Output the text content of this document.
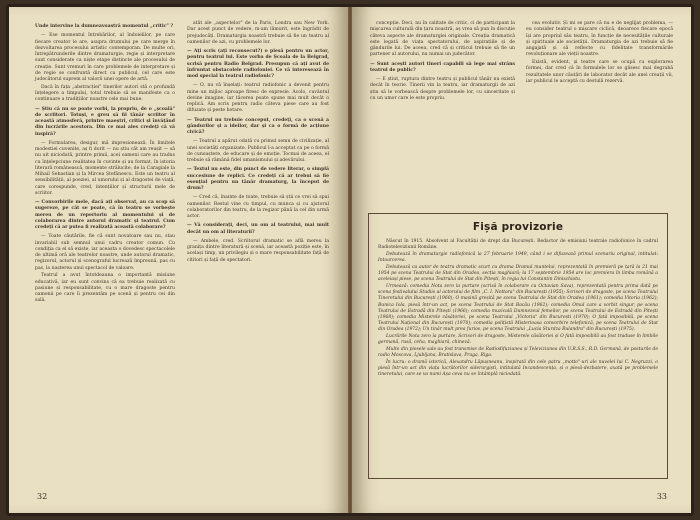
Unde intervine la dumneavoastră momentul „critic" ?

— Ese momentul întrebărilor, al îndoielilor, pe care fiecare creator le are, asupra drumului pe care merge în dezvoltarea procesului artistic contemporan. De multe ori, întrepătrunderile dintre dramaturgie, regie și interpretare sunt considerate ca niște etape distincte ale procesului de creație. Sunt vremuri în care problemele de interpretare și de regie se confruntă direct cu publicul, cel care este judecătorul suprem al valorii unei opere de artă.

Dacă în fața „abstracției" tinerilor autori stă o profundă înțelegere a timpului, totul trebuie să se manifeste ca o continuare a tradițiilor noastre cele mai bune.

— Știu că nu se poate vorbi, la propriu, de o „școală" de scriitori. Totuși, e greu să fii tânăr scriitor în această atmosferă, printre maeștri, critici și învățând din lucrările acestora. Din ce mai ales credeți că vă inspiră?

— Formularea, desigur, mă impresionează. În limitele modestiei cuvenite, aș fi dorit — nu știu cât am reușit — să nu uit niciodată, printre primii, acei oameni care au tradus cu înțelepciune realitatea în cuvinte și au format, în istoria literară românească, momente strălucite, de la Caragiale la Mihail Sebastian și la Mircea Ștefănescu. Este un teatru al sensibilității, al poeziei, al umorului și al dragostei de viață, care corespunde, cred, intențiilor și structurii mele de scriitor.

— Convorbirile mele, dacă ați observat, au ca scop să sugereze, pe cât se poate, că în teatru se vorbește mereu de un repertoriu al momentului și de colaborarea dintre autorul dramatic și teatrul. Cum credeți că ar putea fi realizată această colaborare?

— Toate căutările, fie că sunt novatoare sau nu, stau invariabil sub semnul unui cadru creator comun. Cu condiția ca el să existe, iar aceasta o dovedesc spectacolele de ultimă oră ale teatrelor noastre, unde autorul dramatic, regizorul, actorul și scenograful lucrează împreună, pas cu pas, la nașterea unui spectacol de valoare.

Teatrul a avut întotdeauna o importantă misiune educativă, iar eu sunt convins că ea trebuie realizată cu pasiune și responsabilitate, cu o mare dragoste pentru oamenii pe care îi prezentăm pe scenă și pentru cei din sală.

atât ale „aspectelor" de la Paris, Londra sau New York. Dar acest punct de vedere, m-am lămurit, este îngrădit de prejudecăți. Dramaturgia noastră trebuie să fie un teatru al oamenilor de azi, cu problemele lor.

— Ați scris (ați reconsecut?) o piesă pentru un actor, pentru teatrul lui. Este vorba de Școala de la Belgrad, scrisă pentru Radio Belgrad. Presupun că ați avut de înfruntat obstacolele radiofoniei. Ce vă interesează în mod special la teatrul radiofonic?

— O, nu vă înșelați: teatrul radiofonic a devenit pentru mine un mijloc aproape firesc de expresie. Acolo, cuvântul devine imagine, iar tăcerea poate spune mai mult decât o replică. Am scris pentru radio câteva piese care au fost difuzate și peste hotare.

— Teatrul nu trebuie conceput, credeți, ca o scenă a gândurilor și a ideilor, dar și ca o formă de acțiune civică?

— Teatrul a apărut odată cu primul semn de civilizație, al unei societăți organizate. Publicul l-a acceptat ca pe o formă de cunoaștere, de educare și de emoție. Tocmai de aceea, el trebuie să rămână fidel umanismului și adevărului.

— Textul nu este, din punct de vedere literar, o simplă succesiune de replici. Ce credeți că ar trebui să fie esențial pentru un tânăr dramaturg, la început de drum?

— Cred că, înainte de toate, trebuie să știi ce vrei să spui oamenilor. Restul vine cu timpul, cu munca și cu ajutorul colaboratorilor din teatru, de la regizor până la cel din urmă actor.

— Vă considerați, deci, un om al teatrului, mai mult decât un om al literaturii?

— Ambele, cred. Scriitorul dramatic se află mereu la granița dintre literatură și scenă, iar această poziție este, în același timp, un privilegiu și o mare responsabilitate față de cititori și față de spectatori.

32

concepție. Deci, nu în calitate de critic, ci de participant la mișcarea culturală din țara noastră, aș vrea să pun în discuție câteva aspecte ale dramaturgiei originale. Creația dramatică este legată de viața spectatorului, de aspirațiile și de gândurile lui. De aceea, cred că și criticul trebuie să fie un partener al autorului, nu numai un judecător.

— Sunt acești autori tineri capabili să lege mai strâns teatrul de public?

— E știut, ruptura dintre teatru și publicul tânăr nu există decât în teorie. Tinerii vin la teatru, iar dramaturgii de azi știu să le vorbească despre problemele lor, cu sinceritate și cu un umor care le este propriu.

cea evolutiv. Și mi se pare că nu e de neglijat problema, — eu consider teatrul o mișcare ciclică, deoarece fiecare epocă își are propriul său teatru, în funcție de necesitățile culturale și spirituale ale societății. Dramaturgia de azi trebuie să fie angajată și să reflecte cu fidelitate transformările revoluționare ale vieții noastre.

Există, evident, și teatre care se ocupă cu explorarea formei, dar cred că în formulele lor se găsesc mai degrabă rezultatele unor căutări de laborator decât ale unei creații vii, iar publicul le acceptă cu destulă rezervă.

Fișă provizorie

Născut în 1915. Absolvent al Facultății de drept din București. Redactor de emisiuni teatrale radiofonice în cadrul Radioteleviziunii Române.

Debutează în dramaturgie radiofonică la 27 februarie 1949, când i se difuzează primul scenariu original, intitulat: Intoarcerea.

Debutează ca autor de teatru dramatic scurt cu drama Dramul muntelui, reprezentată în premieră pe țară la 21 mai 1954 pe scena Teatrului de Stat din Oradea, secția maghiară; la 17 septembrie 1954 are loc premiera în limba română a aceleiași piese, pe scena Teatrului de Stat din Pitești, în regia lui Constantin Dinischiotu.

Urmează: comedia Nota zero la purtare (scrisă în colaborare cu Octavian Sava), reprezentată pentru prima dată pe scena festivalului Studiis al actorului de film „C. I. Nottara" din București (1955); Scrisori de dragoste, pe scena Teatrului Tineretului din București (1960); O mașină greșită pe scena Teatrului de Stat din Oradea (1961); comedia Vitoria (1962); Bunica Iola, piesă într-un act, pe scena Teatrului de Stat Bacău (1962); comedia Omul care a vorbit singur, pe scena Teatrului de Estradă din Pitești (1966); comedia muzicală Dumnezeul femeilor, pe scena Teatrului de Estradă din Pitești (1968); comedia Misterele căsătoriei, pe scena Teatrului „Victoria" din București (1970); O fată imposibilă, pe scena Teatrului Național din București (1970); comedia polițistă Misterioasa convorbire telefonică, pe scena Teatrului de Stat din Oradea (1972); Un tinăr mult prea furios, pe scena Teatrului „Lucia Sturdza Bulandra" din București (1975).

Lucrările Nota zero la purtare, Scrisori de dragoste, Misterele căsătoriei și O fată imposibilă au fost traduse în limbile germană, rusă, ceha, maghiară, chineză.

Multe din piesele sale au fost transmise de Radiodifuziunea și Televiziunea din U.R.S.S., R.D. Germană, de posturile de radio Moscova, Ljubljana, Bratislava, Praga, Riga.

În lucru: o dramă istorică, Alexandru Lăpușneanu, inspirată din cele patru „motto"-uri ale nuvelei lui C. Negruzzi, o piesă într-un act din viața lucrătorilor siderurgiști, intitulată Incandescența, și o piesă-dezbatere, axată pe problemele tineretului, care se va numi Așa ceva nu se întâmplă niciodată.

33
